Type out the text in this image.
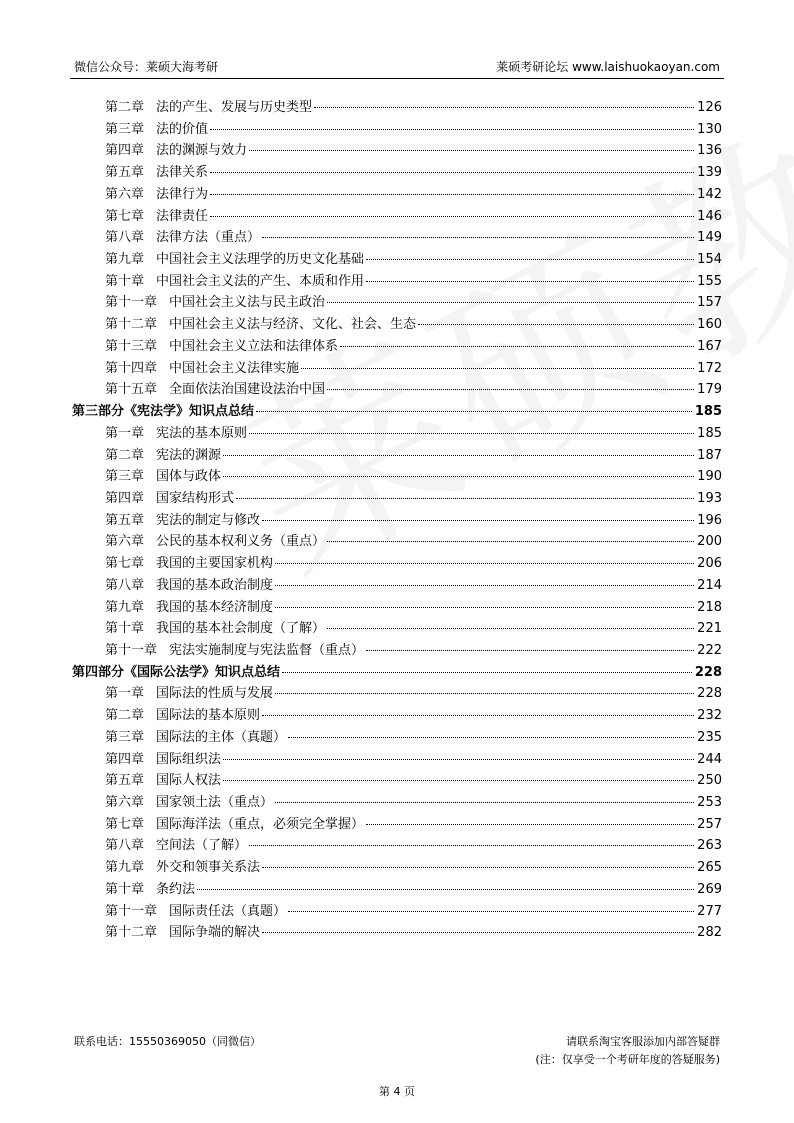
微信公众号：莱硕大海考研	莱硕考研论坛 www.laishuokaoyan.com
第二章 法的产生、发展与历史类型	126
第三章 法的价值	130
第四章 法的渊源与效力	136
第五章 法律关系	139
第六章 法律行为	142
第七章 法律责任	146
第八章 法律方法（重点）	149
第九章 中国社会主义法理学的历史文化基础	154
第十章 中国社会主义法的产生、本质和作用	155
第十一章 中国社会主义法与民主政治	157
第十二章 中国社会主义法与经济、文化、社会、生态	160
第十三章 中国社会主义立法和法律体系	167
第十四章 中国社会主义法律实施	172
第十五章 全面依法治国建设法治中国	179
第三部分 《宪法学》知识点总结	185
第一章 宪法的基本原则	185
第二章 宪法的渊源	187
第三章 国体与政体	190
第四章 国家结构形式	193
第五章 宪法的制定与修改	196
第六章 公民的基本权利义务（重点）	200
第七章 我国的主要国家机构	206
第八章 我国的基本政治制度	214
第九章 我国的基本经济制度	218
第十章 我国的基本社会制度（了解）	221
第十一章 宪法实施制度与宪法监督（重点）	222
第四部分 《国际公法学》知识点总结	228
第一章 国际法的性质与发展	228
第二章 国际法的基本原则	232
第三章 国际法的主体（真题）	235
第四章 国际组织法	244
第五章 国际人权法	250
第六章 国家领土法（重点）	253
第七章 国际海洋法（重点，必须完全掌握）	257
第八章 空间法（了解）	263
第九章 外交和领事关系法	265
第十章 条约法	269
第十一章 国际责任法（真题）	277
第十二章 国际争端的解决	282
联系电话：15550369050（同微信）	请联系淘宝客服添加内部答疑群
(注：仅享受一个考研年度的答疑服务)
第 4 页
